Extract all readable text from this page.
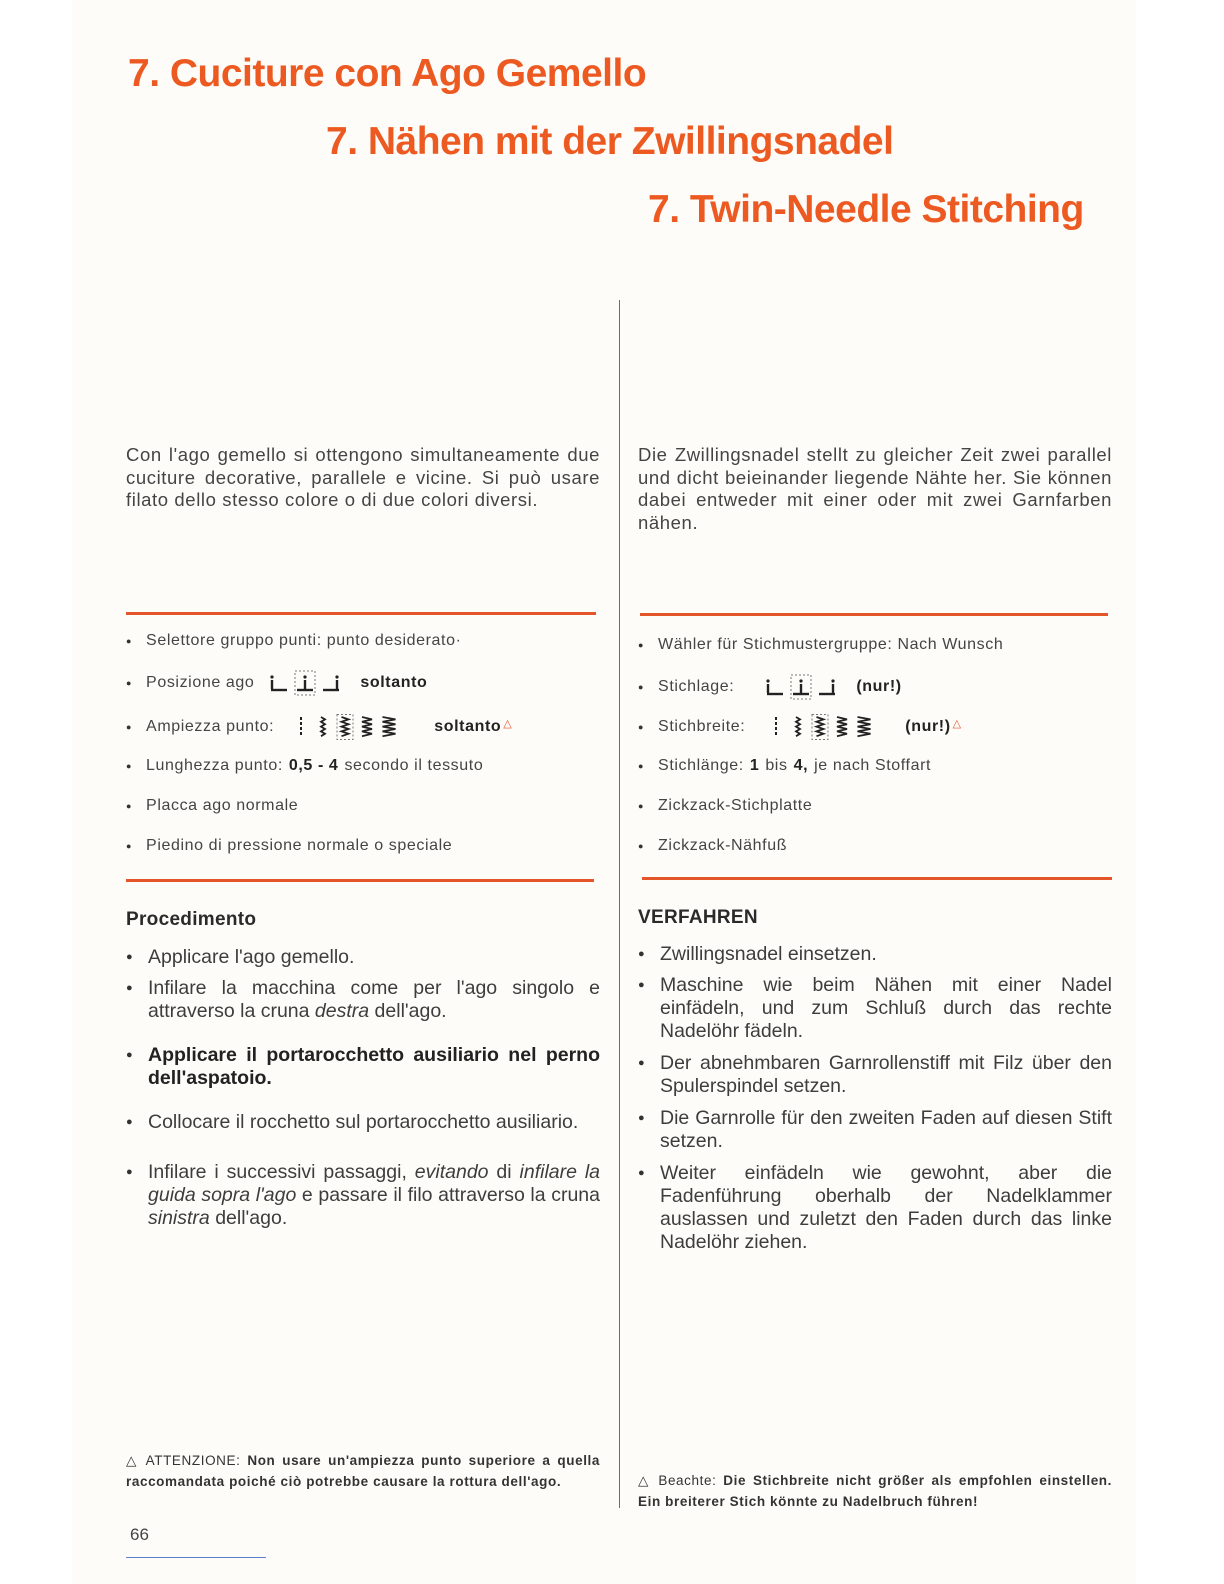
7. Cuciture con Ago Gemello
7. Nähen mit der Zwillingsnadel
7. Twin-Needle Stitching

Con l'ago gemello si ottengono simultaneamente due cuciture decorative, parallele e vicine. Si può usare filato dello stesso colore o di due colori diversi.

● Selettore gruppo punti: punto desiderato·
● Posizione ago	soltanto
● Ampiezza punto:	soltanto △
● Lunghezza punto: 0,5 - 4 secondo il tessuto
● Placca ago normale
● Piedino di pressione normale o speciale
Procedimento
● Applicare l'ago gemello.
● Infilare la macchina come per l'ago singolo e attraverso la cruna destra dell'ago.
● Applicare il portarocchetto ausiliario nel perno dell'aspatoio.
● Collocare il rocchetto sul portarocchetto ausiliario.
● Infilare i successivi passaggi, evitando di infilare la guida sopra l'ago e passare il filo attraverso la cruna sinistra dell'ago.

△ ATTENZIONE: Non usare un'ampiezza punto superiore a quella raccomandata poiché ciò potrebbe causare la rottura dell'ago.

Die Zwillingsnadel stellt zu gleicher Zeit zwei parallel und dicht beieinander liegende Nähte her. Sie können dabei entweder mit einer oder mit zwei Garnfarben nähen.

● Wähler für Stichmustergruppe: Nach Wunsch
● Stichlage:	(nur!)
● Stichbreite:	(nur!) △
● Stichlänge: 1 bis 4, je nach Stoffart
● Zickzack-Stichplatte
● Zickzack-Nähfuß
VERFAHREN
● Zwillingsnadel einsetzen.
● Maschine wie beim Nähen mit einer Nadel einfädeln, und zum Schluß durch das rechte Nadelöhr fädeln.
● Der abnehmbaren Garnrollenstiff mit Filz über den Spulerspindel setzen.
● Die Garnrolle für den zweiten Faden auf diesen Stift setzen.
● Weiter einfädeln wie gewohnt, aber die Fadenführung oberhalb der Nadelklammer auslassen und zuletzt den Faden durch das linke Nadelöhr ziehen.

△ Beachte: Die Stichbreite nicht größer als empfohlen einstellen. Ein breiterer Stich könnte zu Nadelbruch führen!

66
